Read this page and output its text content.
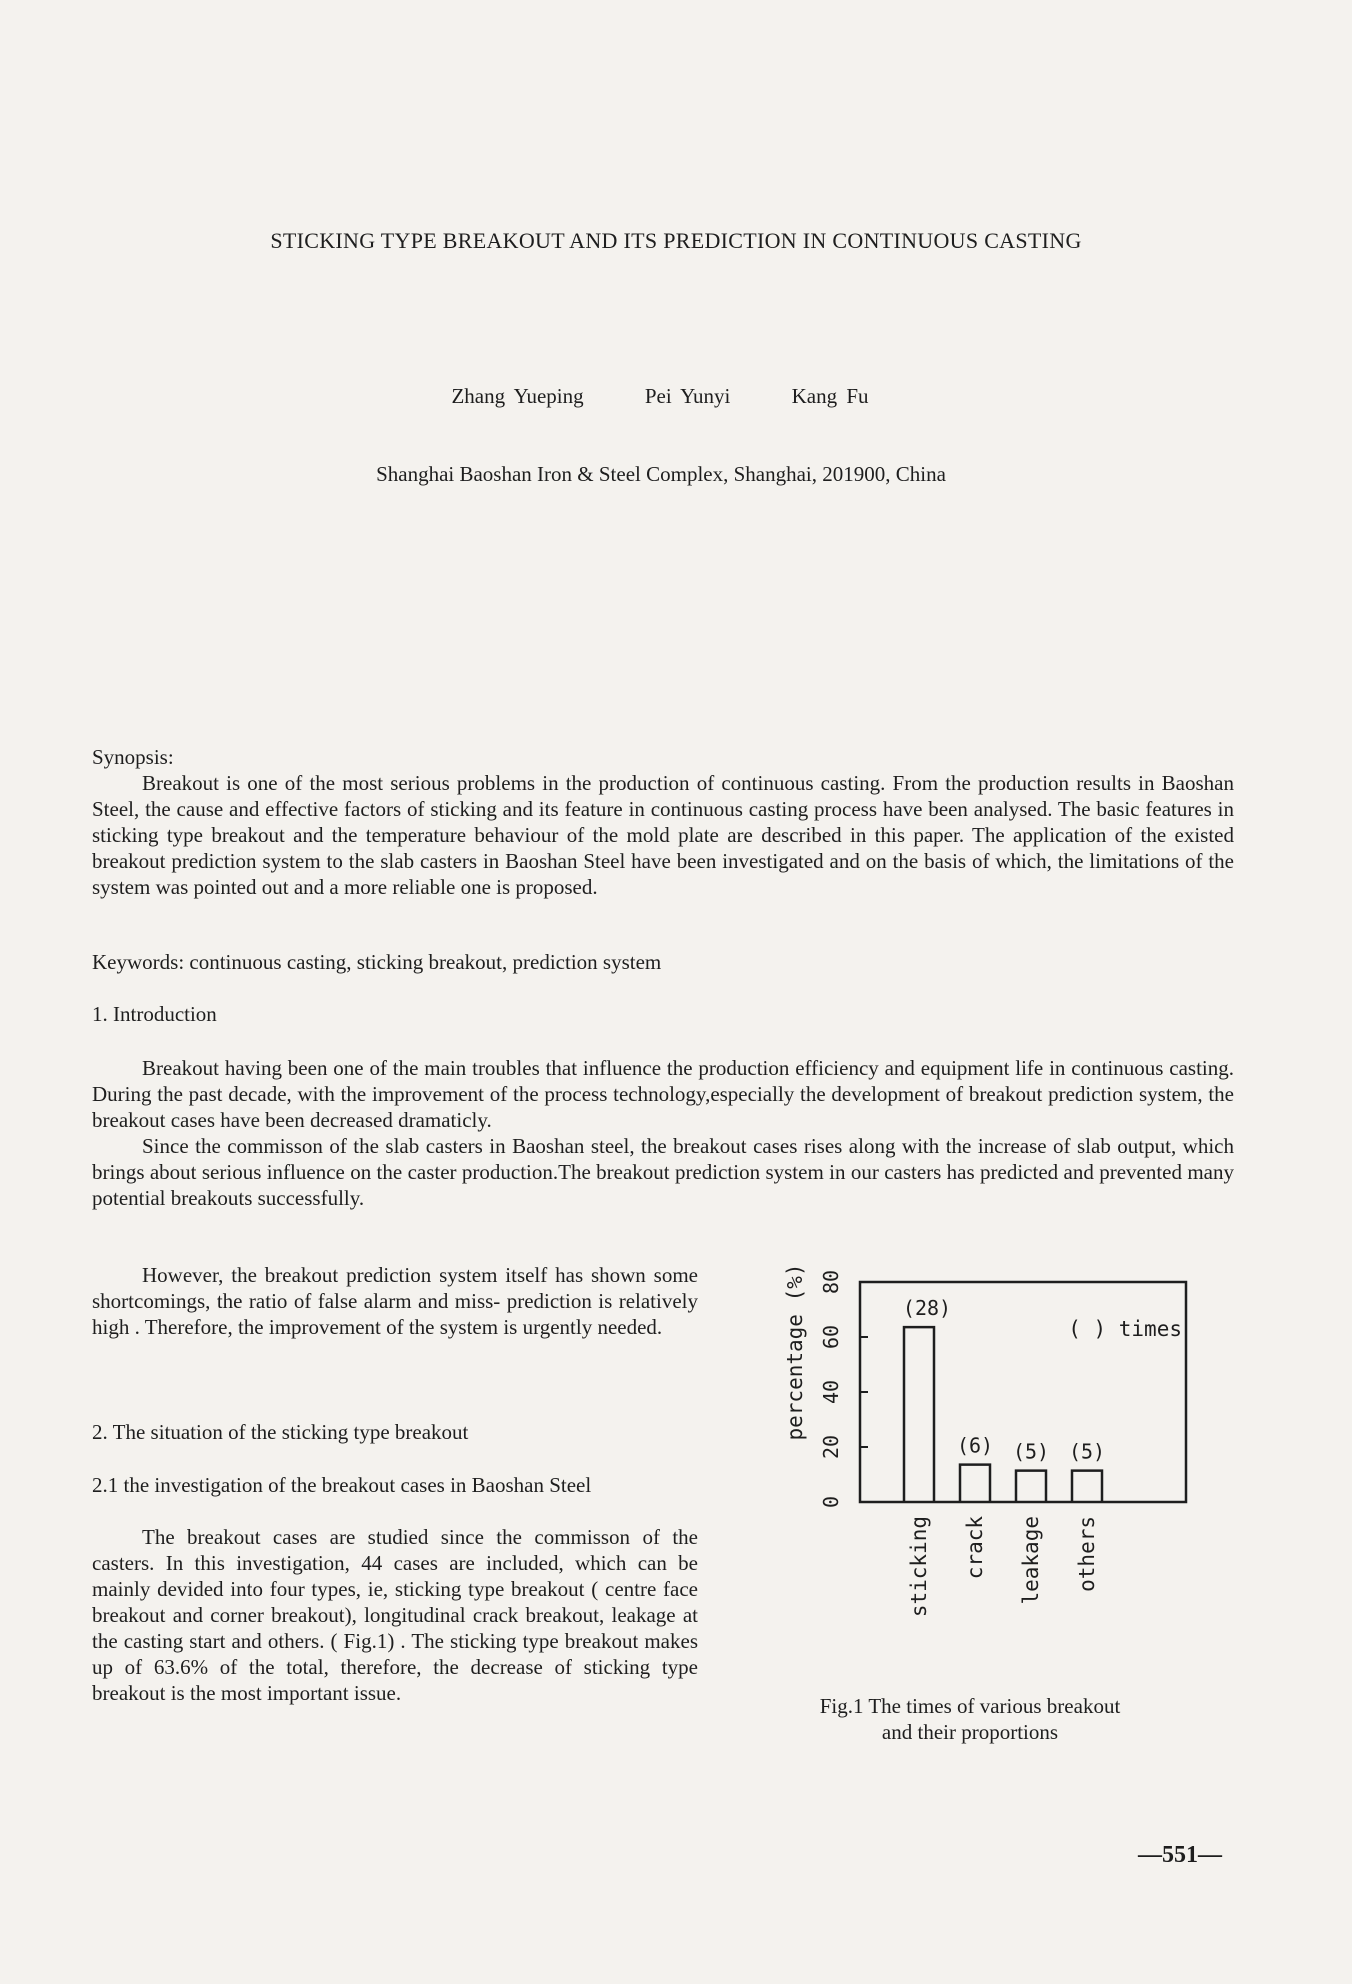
STICKING TYPE BREAKOUT AND ITS PREDICTION IN CONTINUOUS CASTING
Zhang Yueping	Pei Yunyi	Kang Fu
Shanghai Baoshan Iron & Steel Complex, Shanghai, 201900, China
Synopsis:

Breakout is one of the most serious problems in the production of continuous casting. From the production results in Baoshan Steel, the cause and effective factors of sticking and its feature in continuous casting process have been analysed. The basic features in sticking type breakout and the temperature behaviour of the mold plate are described in this paper. The application of the existed breakout prediction system to the slab casters in Baoshan Steel have been investigated and on the basis of which, the limitations of the system was pointed out and a more reliable one is proposed.

Keywords: continuous casting, sticking breakout, prediction system
1. Introduction

Breakout having been one of the main troubles that influence the production efficiency and equipment life in continuous casting. During the past decade, with the improvement of the process technology,especially the development of breakout prediction system, the breakout cases have been decreased dramaticly.

Since the commisson of the slab casters in Baoshan steel, the breakout cases rises along with the increase of slab output, which brings about serious influence on the caster production.The breakout prediction system in our casters has predicted and prevented many potential breakouts successfully.

However, the breakout prediction system itself has shown some shortcomings, the ratio of false alarm and miss- prediction is relatively high . Therefore, the improvement of the system is urgently needed.

2. The situation of the sticking type breakout
2.1 the investigation of the breakout cases in Baoshan Steel

The breakout cases are studied since the commisson of the casters. In this investigation, 44 cases are included, which can be mainly devided into four types, ie, sticking type breakout ( centre face breakout and corner breakout), longitudinal crack breakout, leakage at the casting start and others. ( Fig.1) . The sticking type breakout makes up of 63.6% of the total, therefore, the decrease of sticking type breakout is the most important issue.

0
20
40
60
80
percentage (%)	( ) times
(28)
sticking
(6)
crack
(5)
leakage
(5)
others
Fig.1 The times of various breakout
and their proportions
—551—
